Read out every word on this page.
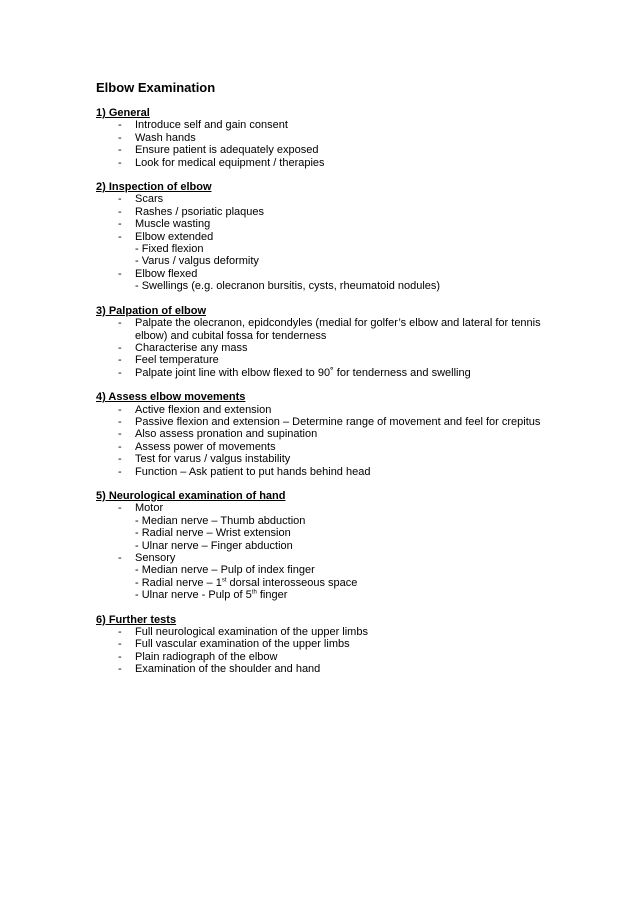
Elbow Examination
1) General
- Introduce self and gain consent
- Wash hands
- Ensure patient is adequately exposed
- Look for medical equipment / therapies
2) Inspection of elbow
- Scars
- Rashes / psoriatic plaques
- Muscle wasting
- Elbow extended
- Fixed flexion
- Varus / valgus deformity
- Elbow flexed
- Swellings (e.g. olecranon bursitis, cysts, rheumatoid nodules)
3) Palpation of elbow
- Palpate the olecranon, epidcondyles (medial for golfer’s elbow and lateral for tennis elbow) and cubital fossa for tenderness
- Characterise any mass
- Feel temperature
- Palpate joint line with elbow flexed to 90˚ for tenderness and swelling
4) Assess elbow movements
- Active flexion and extension
- Passive flexion and extension – Determine range of movement and feel for crepitus
- Also assess pronation and supination
- Assess power of movements
- Test for varus / valgus instability
- Function – Ask patient to put hands behind head
5) Neurological examination of hand
- Motor
- Median nerve – Thumb abduction
- Radial nerve – Wrist extension
- Ulnar nerve – Finger abduction
- Sensory
- Median nerve – Pulp of index finger
- Radial nerve – 1st dorsal interosseous space
- Ulnar nerve - Pulp of 5th finger
6) Further tests
- Full neurological examination of the upper limbs
- Full vascular examination of the upper limbs
- Plain radiograph of the elbow
- Examination of the shoulder and hand
